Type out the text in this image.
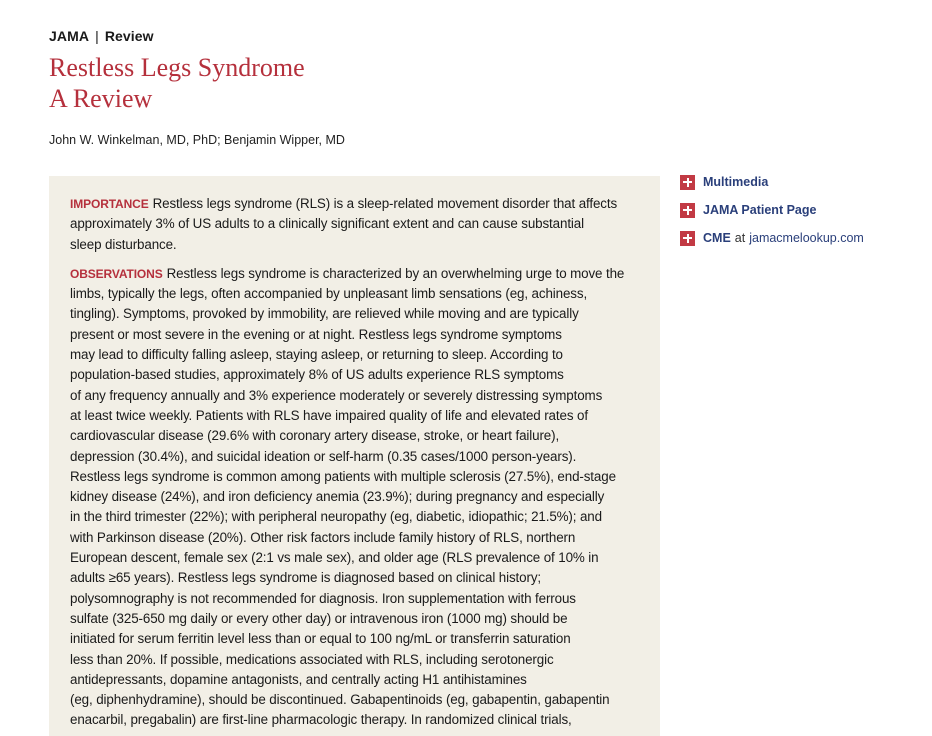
JAMA | Review
Restless Legs Syndrome
A Review
John W. Winkelman, MD, PhD; Benjamin Wipper, MD

IMPORTANCE Restless legs syndrome (RLS) is a sleep-related movement disorder that affects
approximately 3% of US adults to a clinically significant extent and can cause substantial
sleep disturbance.

OBSERVATIONS Restless legs syndrome is characterized by an overwhelming urge to move the
limbs, typically the legs, often accompanied by unpleasant limb sensations (eg, achiness,
tingling). Symptoms, provoked by immobility, are relieved while moving and are typically
present or most severe in the evening or at night. Restless legs syndrome symptoms
may lead to difficulty falling asleep, staying asleep, or returning to sleep. According to
population-based studies, approximately 8% of US adults experience RLS symptoms
of any frequency annually and 3% experience moderately or severely distressing symptoms
at least twice weekly. Patients with RLS have impaired quality of life and elevated rates of
cardiovascular disease (29.6% with coronary artery disease, stroke, or heart failure),
depression (30.4%), and suicidal ideation or self-harm (0.35 cases/1000 person-years).
Restless legs syndrome is common among patients with multiple sclerosis (27.5%), end-stage
kidney disease (24%), and iron deficiency anemia (23.9%); during pregnancy and especially
in the third trimester (22%); with peripheral neuropathy (eg, diabetic, idiopathic; 21.5%); and
with Parkinson disease (20%). Other risk factors include family history of RLS, northern
European descent, female sex (2:1 vs male sex), and older age (RLS prevalence of 10% in
adults ≥65 years). Restless legs syndrome is diagnosed based on clinical history;
polysomnography is not recommended for diagnosis. Iron supplementation with ferrous
sulfate (325-650 mg daily or every other day) or intravenous iron (1000 mg) should be
initiated for serum ferritin level less than or equal to 100 ng/mL or transferrin saturation
less than 20%. If possible, medications associated with RLS, including serotonergic
antidepressants, dopamine antagonists, and centrally acting H1 antihistamines
(eg, diphenhydramine), should be discontinued. Gabapentinoids (eg, gabapentin, gabapentin
enacarbil, pregabalin) are first-line pharmacologic therapy. In randomized clinical trials,

Multimedia
JAMA Patient Page
CME at jamacmelookup.com
